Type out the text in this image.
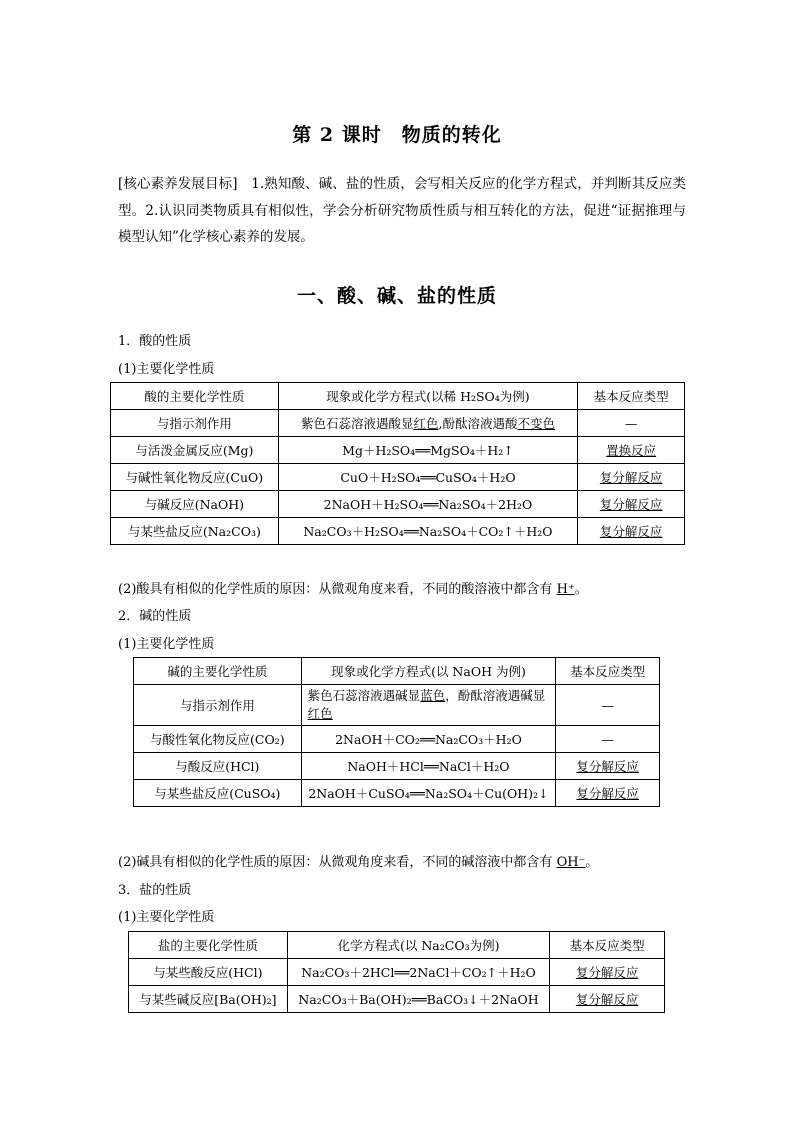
第 2 课时　物质的转化
[核心素养发展目标]　1.熟知酸、碱、盐的性质，会写相关反应的化学方程式，并判断其反应类型。2.认识同类物质具有相似性，学会分析研究物质性质与相互转化的方法，促进“证据推理与模型认知”化学核心素养的发展。
一、酸、碱、盐的性质
1．酸的性质
(1)主要化学性质
酸的主要化学性质	现象或化学方程式(以稀 H₂SO₄为例)	基本反应类型
与指示剂作用	紫色石蕊溶液遇酸显红色,酚酞溶液遇酸不变色	—
与活泼金属反应(Mg)	Mg＋H₂SO₄══MgSO₄＋H₂↑	置换反应
与碱性氧化物反应(CuO)	CuO＋H₂SO₄══CuSO₄＋H₂O	复分解反应
与碱反应(NaOH)	2NaOH＋H₂SO₄══Na₂SO₄＋2H₂O	复分解反应
与某些盐反应(Na₂CO₃)	Na₂CO₃＋H₂SO₄══Na₂SO₄＋CO₂↑＋H₂O	复分解反应
(2)酸具有相似的化学性质的原因：从微观角度来看，不同的酸溶液中都含有 H⁺。
2．碱的性质
(1)主要化学性质
碱的主要化学性质	现象或化学方程式(以 NaOH 为例)	基本反应类型
与指示剂作用	紫色石蕊溶液遇碱显蓝色，酚酞溶液遇碱显红色	—
与酸性氧化物反应(CO₂)	2NaOH＋CO₂══Na₂CO₃＋H₂O	—
与酸反应(HCl)	NaOH＋HCl══NaCl＋H₂O	复分解反应
与某些盐反应(CuSO₄)	2NaOH＋CuSO₄══Na₂SO₄＋Cu(OH)₂↓	复分解反应
(2)碱具有相似的化学性质的原因：从微观角度来看，不同的碱溶液中都含有 OH⁻。
3．盐的性质
(1)主要化学性质
盐的主要化学性质	化学方程式(以 Na₂CO₃为例)	基本反应类型
与某些酸反应(HCl)	Na₂CO₃＋2HCl══2NaCl＋CO₂↑＋H₂O	复分解反应
与某些碱反应[Ba(OH)₂]	Na₂CO₃＋Ba(OH)₂══BaCO₃↓＋2NaOH	复分解反应
